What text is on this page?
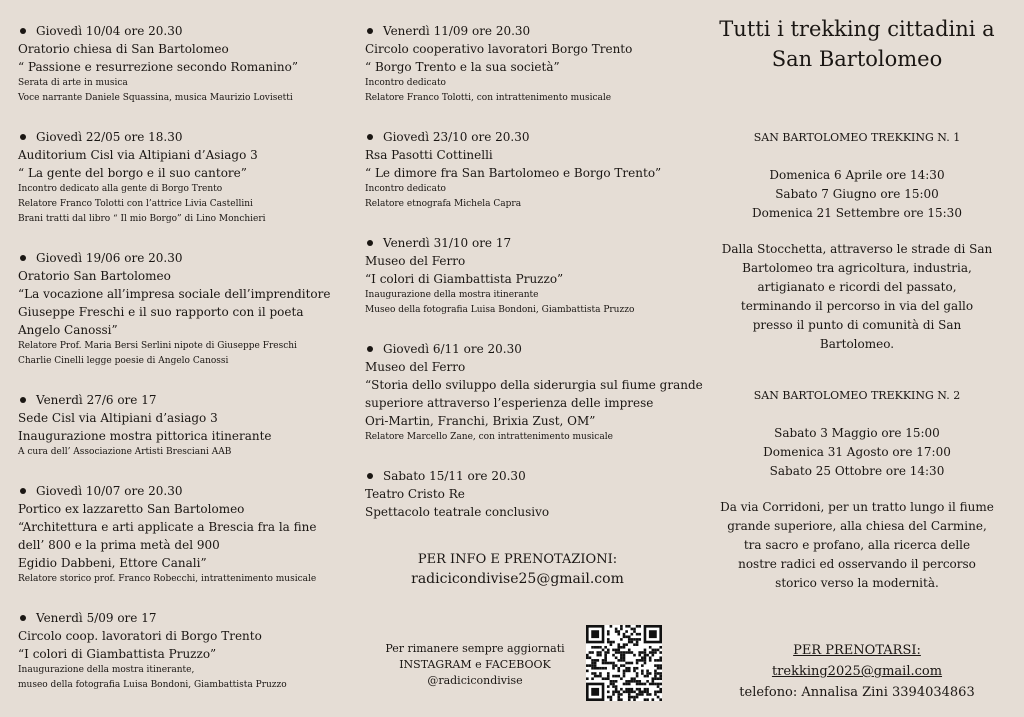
Giovedì 10/04 ore 20.30
Oratorio chiesa di San Bartolomeo
“ Passione e resurrezione secondo Romanino”
Serata di arte in musica
Voce narrante Daniele Squassina, musica Maurizio Lovisetti
Giovedì 22/05 ore 18.30
Auditorium Cisl via Altipiani d’Asiago 3
“ La gente del borgo e il suo cantore”
Incontro dedicato alla gente di Borgo Trento
Relatore Franco Tolotti con l’attrice Livia Castellini
Brani tratti dal libro “ Il mio Borgo” di Lino Monchieri
Giovedì 19/06 ore 20.30
Oratorio San Bartolomeo
“La vocazione all’impresa sociale dell’imprenditore
Giuseppe Freschi e il suo rapporto con il poeta
Angelo Canossi”
Relatore Prof. Maria Bersi Serlini nipote di Giuseppe Freschi
Charlie Cinelli legge poesie di Angelo Canossi
Venerdì 27/6 ore 17
Sede Cisl via Altipiani d’asiago 3
Inaugurazione mostra pittorica itinerante
A cura dell’ Associazione Artisti Bresciani AAB
Giovedì 10/07 ore 20.30
Portico ex lazzaretto San Bartolomeo
“Architettura e arti applicate a Brescia fra la fine
dell’ 800 e la prima metà del 900
Egidio Dabbeni, Ettore Canali”
Relatore storico prof. Franco Robecchi, intrattenimento musicale
Venerdì 5/09 ore 17
Circolo coop. lavoratori di Borgo Trento
“I colori di Giambattista Pruzzo”
Inaugurazione della mostra itinerante,
museo della fotografia Luisa Bondoni, Giambattista Pruzzo
Venerdì 11/09 ore 20.30
Circolo cooperativo lavoratori Borgo Trento
“ Borgo Trento e la sua società”
Incontro dedicato
Relatore Franco Tolotti, con intrattenimento musicale
Giovedì 23/10 ore 20.30
Rsa Pasotti Cottinelli
“ Le dimore fra San Bartolomeo e Borgo Trento”
Incontro dedicato
Relatore etnografa Michela Capra
Venerdì 31/10 ore 17
Museo del Ferro
“I colori di Giambattista Pruzzo”
Inaugurazione della mostra itinerante
Museo della fotografia Luisa Bondoni, Giambattista Pruzzo
Giovedì 6/11 ore 20.30
Museo del Ferro
“Storia dello sviluppo della siderurgia sul fiume grande
superiore attraverso l’esperienza delle imprese
Ori-Martin, Franchi, Brixia Zust, OM”
Relatore Marcello Zane, con intrattenimento musicale
Sabato 15/11 ore 20.30
Teatro Cristo Re
Spettacolo teatrale conclusivo
PER INFO E PRENOTAZIONI:
radicicondivise25@gmail.com
Per rimanere sempre aggiornati
INSTAGRAM e FACEBOOK
@radicicondivise
Tutti i trekking cittadini a
San Bartolomeo
SAN BARTOLOMEO TREKKING N. 1
Domenica 6 Aprile ore 14:30
Sabato 7 Giugno ore 15:00
Domenica 21 Settembre ore 15:30
Dalla Stocchetta, attraverso le strade di San
Bartolomeo tra agricoltura, industria,
artigianato e ricordi del passato,
terminando il percorso in via del gallo
presso il punto di comunità di San
Bartolomeo.
SAN BARTOLOMEO TREKKING N. 2
Sabato 3 Maggio ore 15:00
Domenica 31 Agosto ore 17:00
Sabato 25 Ottobre ore 14:30
Da via Corridoni, per un tratto lungo il fiume
grande superiore, alla chiesa del Carmine,
tra sacro e profano, alla ricerca delle
nostre radici ed osservando il percorso
storico verso la modernità.
PER PRENOTARSI:
trekking2025@gmail.com
telefono: Annalisa Zini 3394034863
